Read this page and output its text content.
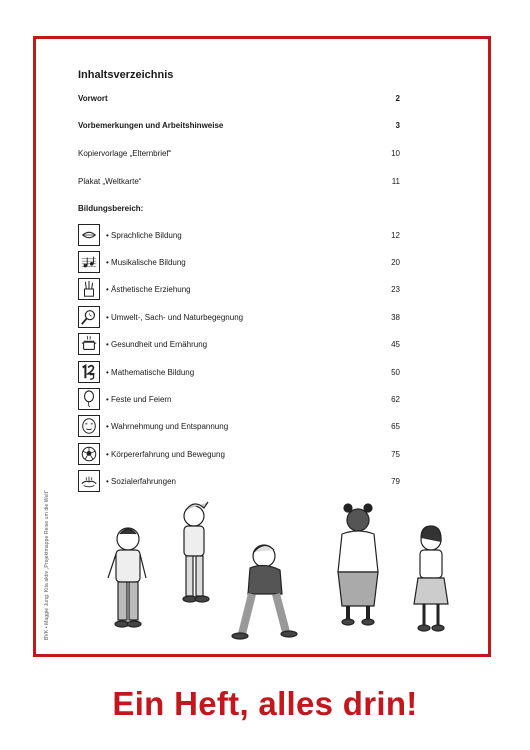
Inhaltsverzeichnis
Vorwort	2
Vorbemerkungen und Arbeitshinweise	3
Kopiervorlage „Elternbrief“	10
Plakat „Weltkarte“	11
Bildungsbereich:
• Sprachliche Bildung	12
• Musikalische Bildung	20
• Ästhetische Erziehung	23
• Umwelt-, Sach- und Naturbegegnung	38
• Gesundheit und Ernährung	45
• Mathematische Bildung	50
• Feste und Feiern	62
• Wahrnehmung und Entspannung	65
• Körpererfahrung und Bewegung	75
• Sozialerfahrungen	79
BVK • Maggie Jung: Kita aktiv „Projektmappe Reise um die Welt“
Ein Heft, alles drin!
